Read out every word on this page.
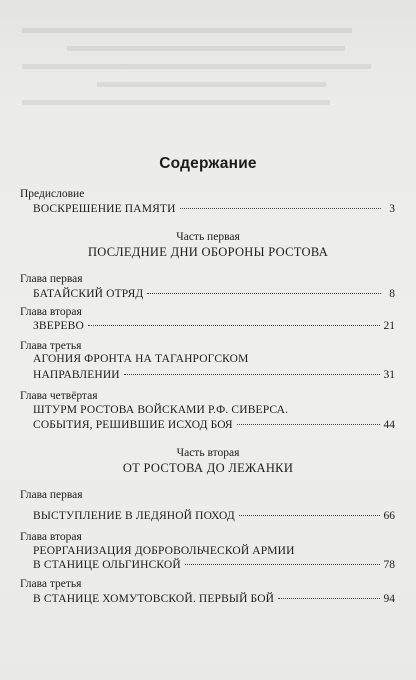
Содержание
Предисловие
ВОСКРЕШЕНИЕ ПАМЯТИ	3
Часть первая
ПОСЛЕДНИЕ ДНИ ОБОРОНЫ РОСТОВА
Глава первая
БАТАЙСКИЙ ОТРЯД	8
Глава вторая
ЗВЕРЕВО	21
Глава третья
АГОНИЯ ФРОНТА НА ТАГАНРОГСКОМ
НАПРАВЛЕНИИ	31
Глава четвёртая
ШТУРМ РОСТОВА ВОЙСКАМИ Р.Ф. СИВЕРСА.
СОБЫТИЯ, РЕШИВШИЕ ИСХОД БОЯ	44
Часть вторая
ОТ РОСТОВА ДО ЛЕЖАНКИ
Глава первая
ВЫСТУПЛЕНИЕ В ЛЕДЯНОЙ ПОХОД	66
Глава вторая
РЕОРГАНИЗАЦИЯ ДОБРОВОЛЬЧЕСКОЙ АРМИИ
В СТАНИЦЕ ОЛЬГИНСКОЙ	78
Глава третья
В СТАНИЦЕ ХОМУТОВСКОЙ. ПЕРВЫЙ БОЙ	94
